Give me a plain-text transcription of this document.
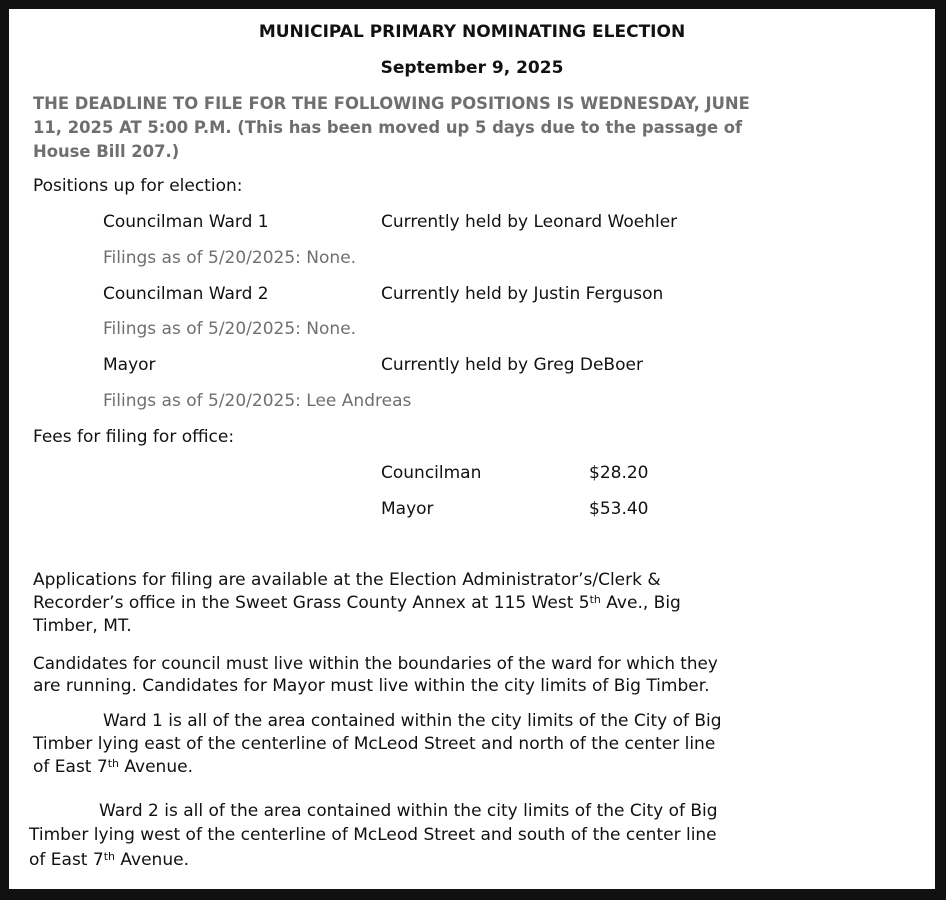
MUNICIPAL PRIMARY NOMINATING ELECTION
September 9, 2025
THE DEADLINE TO FILE FOR THE FOLLOWING POSITIONS IS WEDNESDAY, JUNE
11, 2025 AT 5:00 P.M. (This has been moved up 5 days due to the passage of
House Bill 207.)
Positions up for election:
Councilman Ward 1	Currently held by Leonard Woehler
Filings as of 5/20/2025: None.
Councilman Ward 2	Currently held by Justin Ferguson
Filings as of 5/20/2025: None.
Mayor	Currently held by Greg DeBoer
Filings as of 5/20/2025: Lee Andreas
Fees for filing for office:
Councilman	$28.20
Mayor	$53.40
Applications for filing are available at the Election Administrator’s/Clerk &
Recorder’s office in the Sweet Grass County Annex at 115 West 5th Ave., Big
Timber, MT.
Candidates for council must live within the boundaries of the ward for which they
are running. Candidates for Mayor must live within the city limits of Big Timber.
Ward 1 is all of the area contained within the city limits of the City of Big
Timber lying east of the centerline of McLeod Street and north of the center line
of East 7th Avenue.
Ward 2 is all of the area contained within the city limits of the City of Big
Timber lying west of the centerline of McLeod Street and south of the center line
of East 7th Avenue.
